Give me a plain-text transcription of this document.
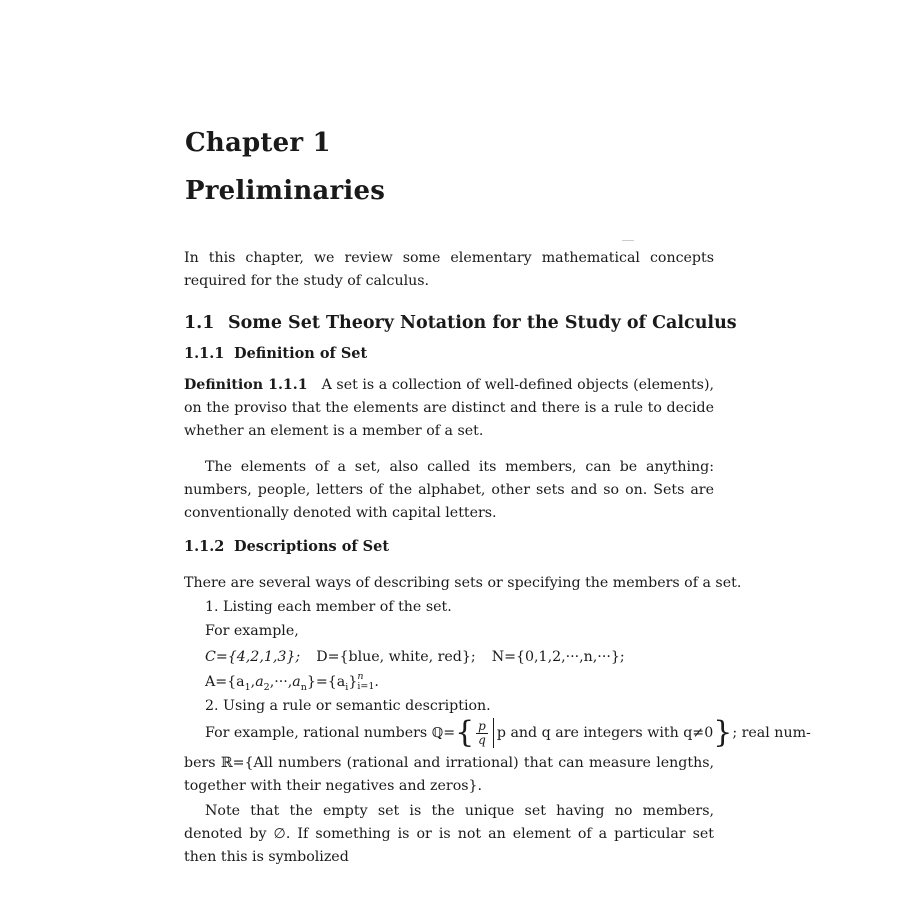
Chapter 1
Preliminaries
In this chapter, we review some elementary mathematical concepts required for the study of calculus.
1.1 Some Set Theory Notation for the Study of Calculus
1.1.1 Definition of Set
Definition 1.1.1 A set is a collection of well-defined objects (elements), on the proviso that the elements are distinct and there is a rule to decide whether an element is a member of a set.
The elements of a set, also called its members, can be anything: numbers, people, letters of the alphabet, other sets and so on. Sets are conventionally denoted with capital letters.
1.1.2 Descriptions of Set
There are several ways of describing sets or specifying the members of a set.
1. Listing each member of the set.
For example,
C={4,2,1,3}; D={blue, white, red}; N={0,1,2,···,n,···};
$A=\{a_1,a_2,\cdot\cdot\cdot,a_n\}=\{a_i\}$ n
i=1 .
2. Using a rule or semantic description.
For example, rational numbers ℚ={ $\frac{p}{q}$ p and q are integers with q≠0}; real num-
bers ℝ={All numbers (rational and irrational) that can measure lengths, together with their negatives and zeros}.
Note that the empty set is the unique set having no members, denoted by ∅. If something is or is not an element of a particular set then this is symbolized
